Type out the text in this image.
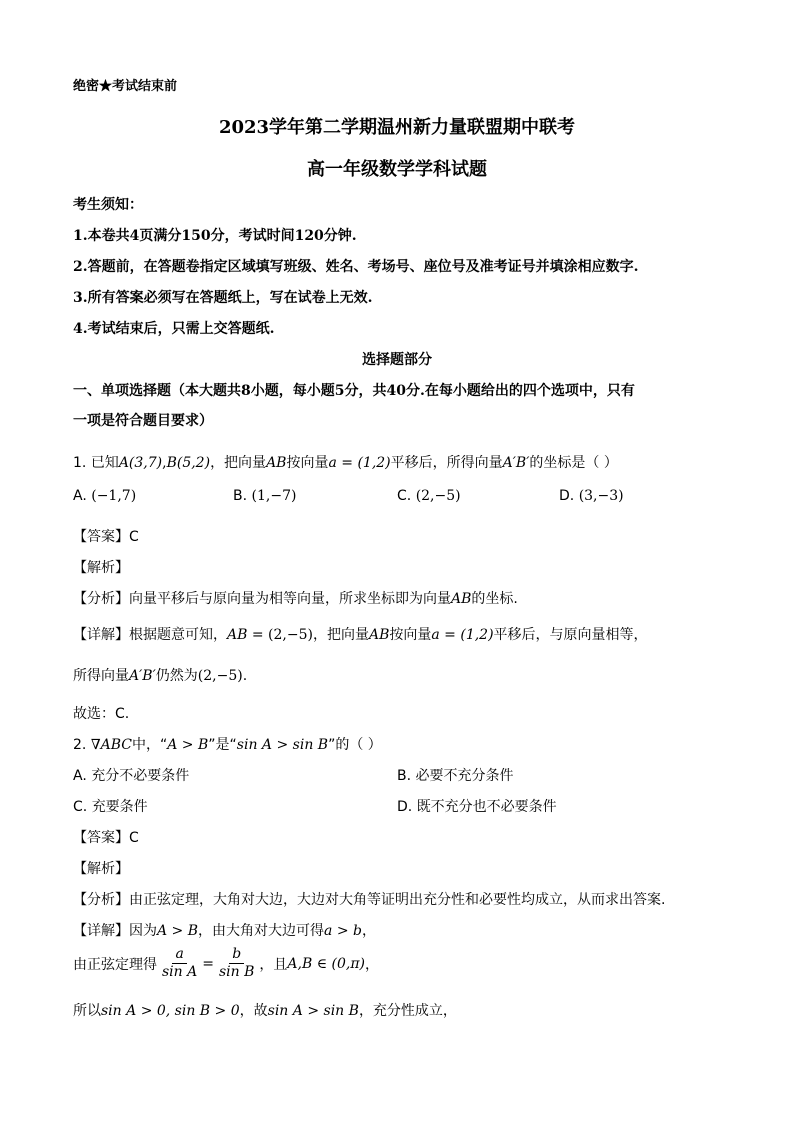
绝密★考试结束前
2023学年第二学期温州新力量联盟期中联考
高一年级数学学科试题
考生须知：
1.本卷共4页满分150分，考试时间120分钟.
2.答题前，在答题卷指定区域填写班级、姓名、考场号、座位号及准考证号并填涂相应数字.
3.所有答案必须写在答题纸上，写在试卷上无效.
4.考试结束后，只需上交答题纸.
选择题部分
一、单项选择题（本大题共8小题，每小题5分，共40分.在每小题给出的四个选项中，只有
一项是符合题目要求）
1. 已知A(3,7),B(5,2)，把向量AB按向量a = (1,2)平移后，所得向量A′B′的坐标是（ ）
A. (−1,7)	B. (1,−7)	C. (2,−5)	D. (3,−3)
【答案】C
【解析】
【分析】向量平移后与原向量为相等向量，所求坐标即为向量AB的坐标.
【详解】根据题意可知，AB = (2,−5)，把向量AB按向量a = (1,2)平移后，与原向量相等，
所得向量A′B′仍然为(2,−5).
故选：C.
2. ∇ABC中，“A > B”是“sin A > sin B”的（ ）
A. 充分不必要条件	B. 必要不充分条件
C. 充要条件	D. 既不充分也不必要条件
【答案】C
【解析】
【分析】由正弦定理，大角对大边，大边对大角等证明出充分性和必要性均成立，从而求出答案.
【详解】因为A > B，由大角对大边可得a > b，
由正弦定理得 $\frac{a}{\text{sin A}} = \frac{b}{\text{sin B}}$ ，且 A,B ∈ (0,π) ，
所以sin A > 0, sin B > 0，故sin A > sin B，充分性成立，
